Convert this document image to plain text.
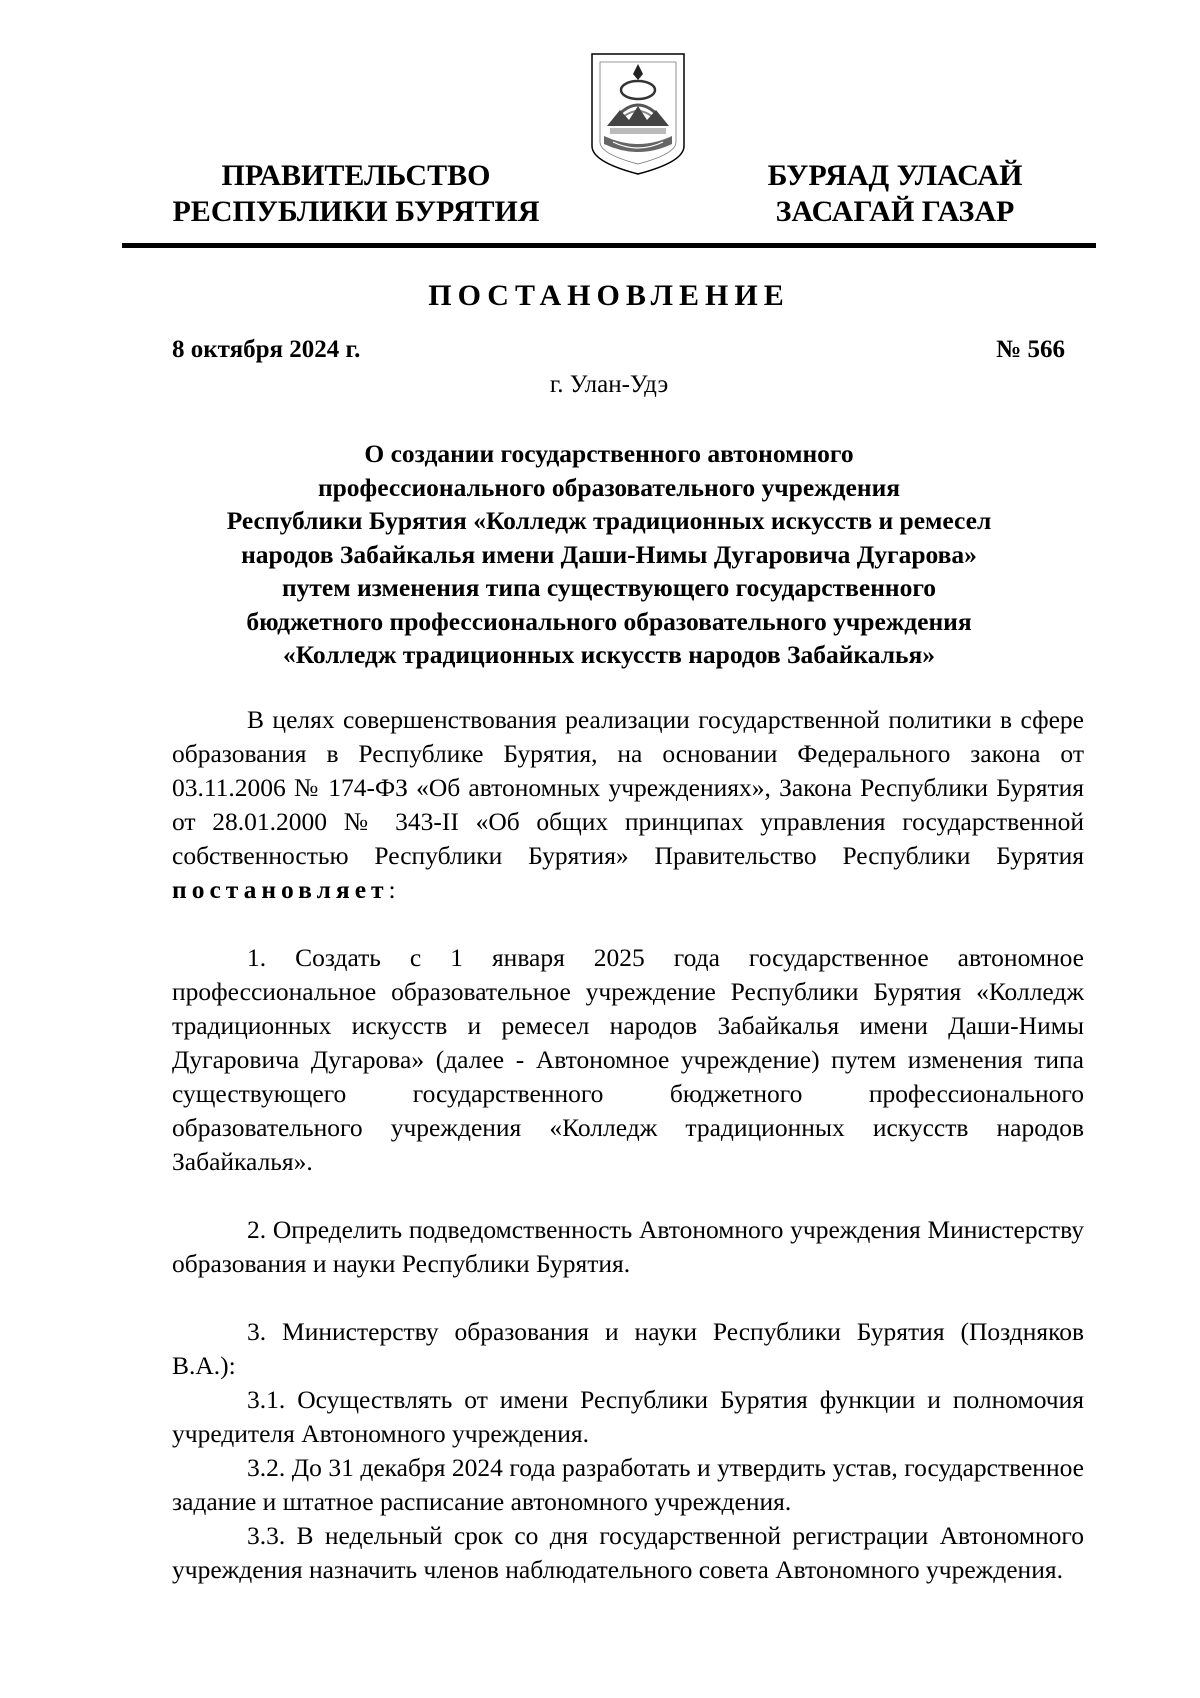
ПРАВИТЕЛЬСТВО
РЕСПУБЛИКИ БУРЯТИЯ
БУРЯАД УЛАСАЙ
ЗАСАГАЙ ГАЗАР
ПОСТАНОВЛЕНИЕ
8 октября 2024 г.	№ 566
г. Улан-Удэ
О создании государственного автономного
профессионального образовательного учреждения
Республики Бурятия «Колледж традиционных искусств и ремесел
народов Забайкалья имени Даши-Нимы Дугаровича Дугарова»
путем изменения типа существующего государственного
бюджетного профессионального образовательного учреждения
«Колледж традиционных искусств народов Забайкалья»

В целях совершенствования реализации государственной политики в сфере образования в Республике Бурятия, на основании Федерального закона от 03.11.2006 № 174-ФЗ «Об автономных учреждениях», Закона Республики Бурятия от 28.01.2000 № 343-II «Об общих принципах управления государственной собственностью Республики Бурятия» Правительство Республики Бурятия постановляет:

1. Создать с 1 января 2025 года государственное автономное профессиональное образовательное учреждение Республики Бурятия «Колледж традиционных искусств и ремесел народов Забайкалья имени Даши-Нимы Дугаровича Дугарова» (далее - Автономное учреждение) путем изменения типа существующего государственного бюджетного профессионального образовательного учреждения «Колледж традиционных искусств народов Забайкалья».

2. Определить подведомственность Автономного учреждения Министерству образования и науки Республики Бурятия.

3. Министерству образования и науки Республики Бурятия (Поздняков В.А.):

3.1. Осуществлять от имени Республики Бурятия функции и полномочия учредителя Автономного учреждения.

3.2. До 31 декабря 2024 года разработать и утвердить устав, государственное задание и штатное расписание автономного учреждения.

3.3. В недельный срок со дня государственной регистрации Автономного учреждения назначить членов наблюдательного совета Автономного учреждения.
